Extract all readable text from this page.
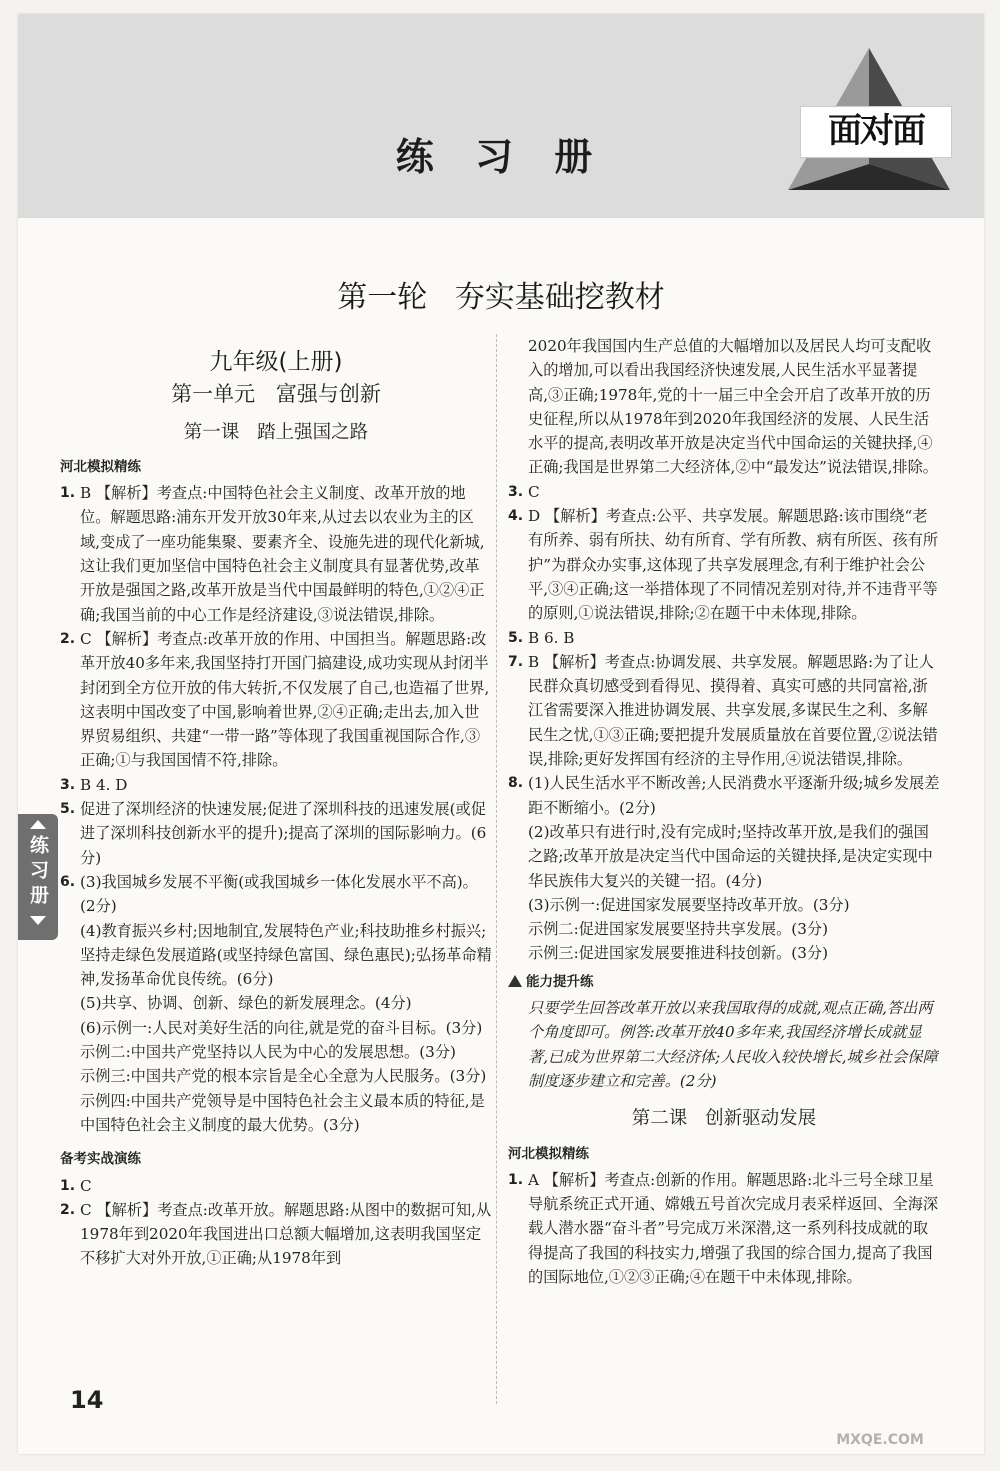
练 习 册
面对面
第一轮 夯实基础挖教材
练习册
九年级(上册)
第一单元 富强与创新
第一课 踏上强国之路
河北模拟精练

1. B 【解析】考查点:中国特色社会主义制度、改革开放的地位。解题思路:浦东开发开放30年来,从过去以农业为主的区域,变成了一座功能集聚、要素齐全、设施先进的现代化新城,这让我们更加坚信中国特色社会主义制度具有显著优势,改革开放是强国之路,改革开放是当代中国最鲜明的特色,①②④正确;我国当前的中心工作是经济建设,③说法错误,排除。

2. C 【解析】考查点:改革开放的作用、中国担当。解题思路:改革开放40多年来,我国坚持打开国门搞建设,成功实现从封闭半封闭到全方位开放的伟大转折,不仅发展了自己,也造福了世界,这表明中国改变了中国,影响着世界,②④正确;走出去,加入世界贸易组织、共建“一带一路”等体现了我国重视国际合作,③正确;①与我国国情不符,排除。

3. B 4. D

5. 促进了深圳经济的快速发展;促进了深圳科技的迅速发展(或促进了深圳科技创新水平的提升);提高了深圳的国际影响力。(6分)

6. (3)我国城乡发展不平衡(或我国城乡一体化发展水平不高)。(2分)

(4)教育振兴乡村;因地制宜,发展特色产业;科技助推乡村振兴;坚持走绿色发展道路(或坚持绿色富国、绿色惠民);弘扬革命精神,发扬革命优良传统。(6分)

(5)共享、协调、创新、绿色的新发展理念。(4分)

(6)示例一:人民对美好生活的向往,就是党的奋斗目标。(3分)

示例二:中国共产党坚持以人民为中心的发展思想。(3分)

示例三:中国共产党的根本宗旨是全心全意为人民服务。(3分)

示例四:中国共产党领导是中国特色社会主义最本质的特征,是中国特色社会主义制度的最大优势。(3分)

备考实战演练

1. C

2. C 【解析】考查点:改革开放。解题思路:从图中的数据可知,从1978年到2020年我国进出口总额大幅增加,这表明我国坚定不移扩大对外开放,①正确;从1978年到

2020年我国国内生产总值的大幅增加以及居民人均可支配收入的增加,可以看出我国经济快速发展,人民生活水平显著提高,③正确;1978年,党的十一届三中全会开启了改革开放的历史征程,所以从1978年到2020年我国经济的发展、人民生活水平的提高,表明改革开放是决定当代中国命运的关键抉择,④正确;我国是世界第二大经济体,②中“最发达”说法错误,排除。

3. C

4. D 【解析】考查点:公平、共享发展。解题思路:该市围绕“老有所养、弱有所扶、幼有所育、学有所教、病有所医、孩有所护”为群众办实事,这体现了共享发展理念,有利于维护社会公平,③④正确;这一举措体现了不同情况差别对待,并不违背平等的原则,①说法错误,排除;②在题干中未体现,排除。

5. B 6. B

7. B 【解析】考查点:协调发展、共享发展。解题思路:为了让人民群众真切感受到看得见、摸得着、真实可感的共同富裕,浙江省需要深入推进协调发展、共享发展,多谋民生之利、多解民生之忧,①③正确;要把提升发展质量放在首要位置,②说法错误,排除;更好发挥国有经济的主导作用,④说法错误,排除。

8. (1)人民生活水平不断改善;人民消费水平逐渐升级;城乡发展差距不断缩小。(2分)

(2)改革只有进行时,没有完成时;坚持改革开放,是我们的强国之路;改革开放是决定当代中国命运的关键抉择,是决定实现中华民族伟大复兴的关键一招。(4分)

(3)示例一:促进国家发展要坚持改革开放。(3分)

示例二:促进国家发展要坚持共享发展。(3分)

示例三:促进国家发展要推进科技创新。(3分)

能力提升练

只要学生回答改革开放以来我国取得的成就,观点正确,答出两个角度即可。例答:改革开放40多年来,我国经济增长成就显著,已成为世界第二大经济体;人民收入较快增长,城乡社会保障制度逐步建立和完善。(2分)

第二课 创新驱动发展
河北模拟精练

1. A 【解析】考查点:创新的作用。解题思路:北斗三号全球卫星导航系统正式开通、嫦娥五号首次完成月表采样返回、全海深载人潜水器“奋斗者”号完成万米深潜,这一系列科技成就的取得提高了我国的科技实力,增强了我国的综合国力,提高了我国的国际地位,①②③正确;④在题干中未体现,排除。

14
MXQE.COM
